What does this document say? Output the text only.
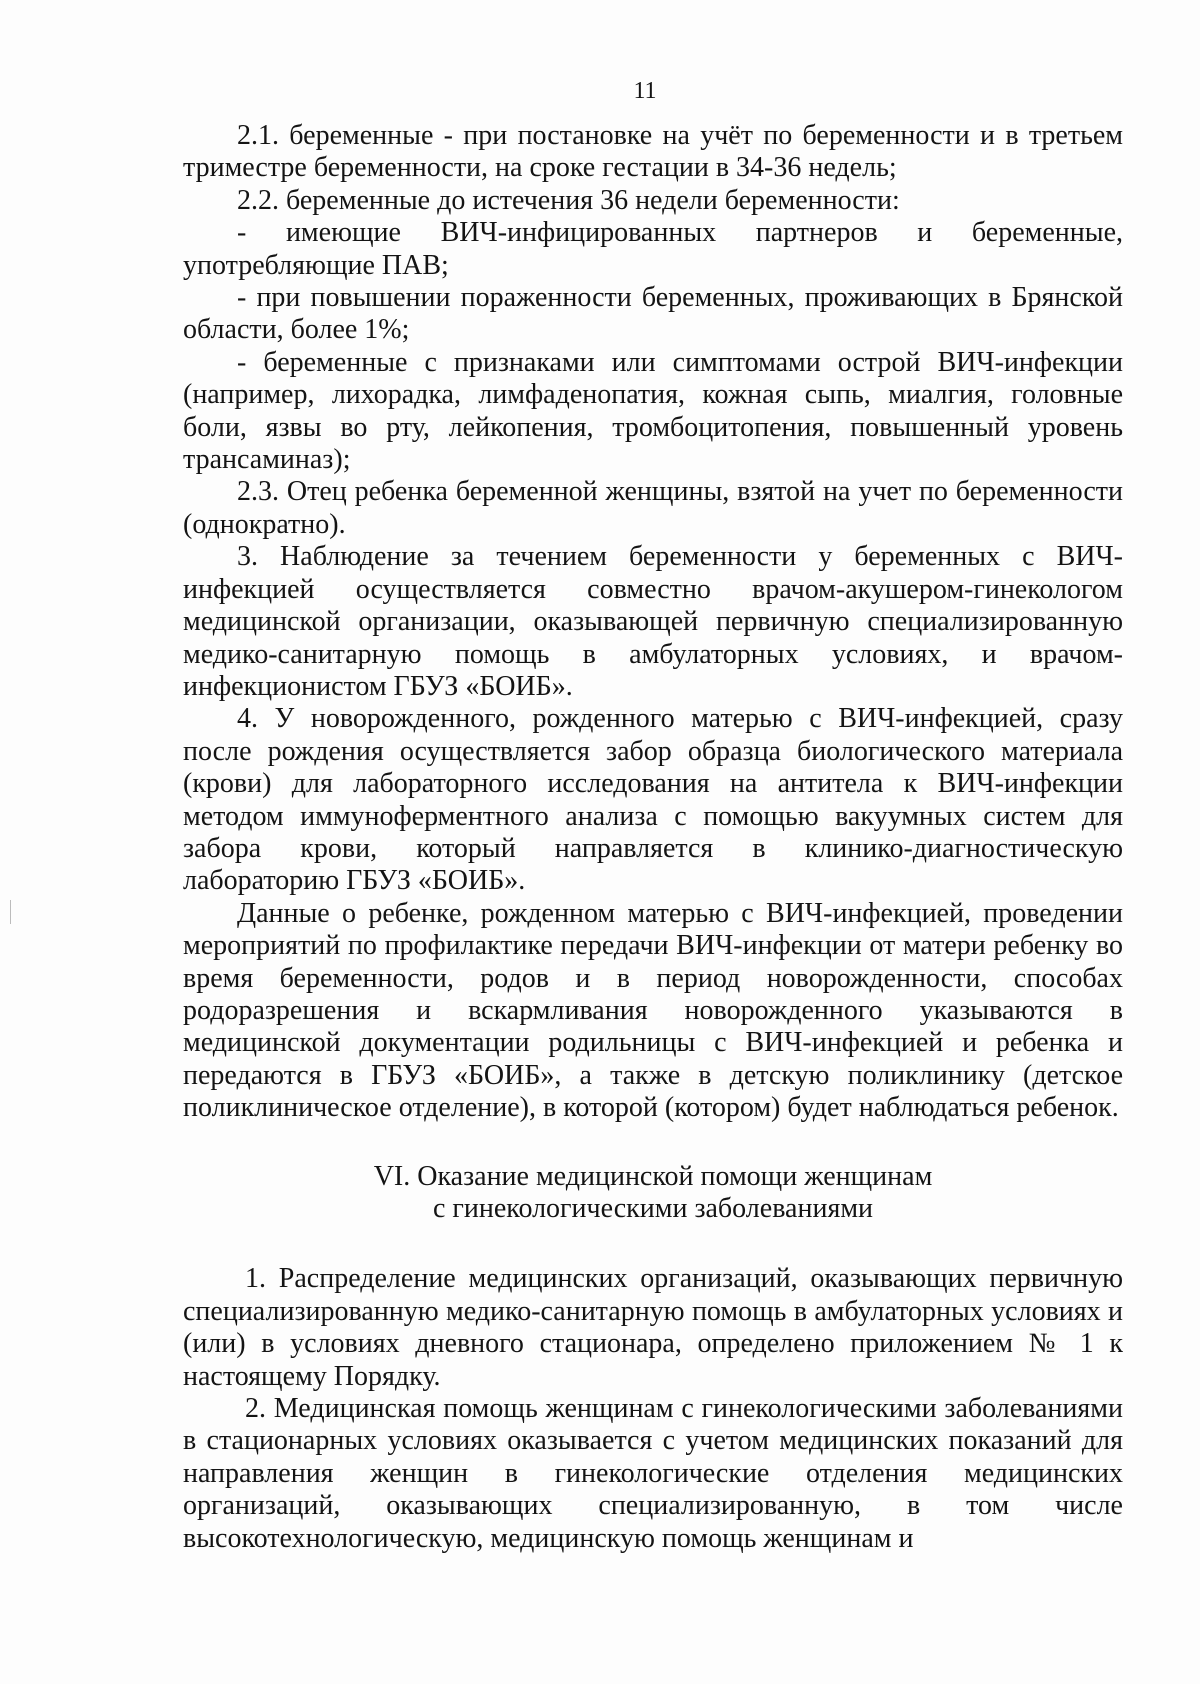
11

2.1. беременные - при постановке на учёт по беременности и в третьем триместре беременности, на сроке гестации в 34-36 недель;

2.2. беременные до истечения 36 недели беременности:

- имеющие ВИЧ-инфицированных партнеров и беременные, употребляющие ПАВ;

- при повышении пораженности беременных, проживающих в Брянской области, более 1%;

- беременные с признаками или симптомами острой ВИЧ-инфекции (например, лихорадка, лимфаденопатия, кожная сыпь, миалгия, головные боли, язвы во рту, лейкопения, тромбоцитопения, повышенный уровень трансаминаз);

2.3. Отец ребенка беременной женщины, взятой на учет по беременности (однократно).

3. Наблюдение за течением беременности у беременных с ВИЧ-инфекцией осуществляется совместно врачом-акушером-гинекологом медицинской организации, оказывающей первичную специализированную медико-санитарную помощь в амбулаторных условиях, и врачом-инфекционистом ГБУЗ «БОИБ».

4. У новорожденного, рожденного матерью с ВИЧ-инфекцией, сразу после рождения осуществляется забор образца биологического материала (крови) для лабораторного исследования на антитела к ВИЧ-инфекции методом иммуноферментного анализа с помощью вакуумных систем для забора крови, который направляется в клинико-диагностическую лабораторию ГБУЗ «БОИБ».

Данные о ребенке, рожденном матерью с ВИЧ-инфекцией, проведении мероприятий по профилактике передачи ВИЧ-инфекции от матери ребенку во время беременности, родов и в период новорожденности, способах родоразрешения и вскармливания новорожденного указываются в медицинской документации родильницы с ВИЧ-инфекцией и ребенка и передаются в ГБУЗ «БОИБ», а также в детскую поликлинику (детское поликлиническое отделение), в которой (котором) будет наблюдаться ребенок.

VI. Оказание медицинской помощи женщинам
с гинекологическими заболеваниями

1. Распределение медицинских организаций, оказывающих первичную специализированную медико-санитарную помощь в амбулаторных условиях и (или) в условиях дневного стационара, определено приложением № 1 к настоящему Порядку.

2. Медицинская помощь женщинам с гинекологическими заболеваниями в стационарных условиях оказывается с учетом медицинских показаний для направления женщин в гинекологические отделения медицинских организаций, оказывающих специализированную, в том числе высокотехнологическую, медицинскую помощь женщинам и
